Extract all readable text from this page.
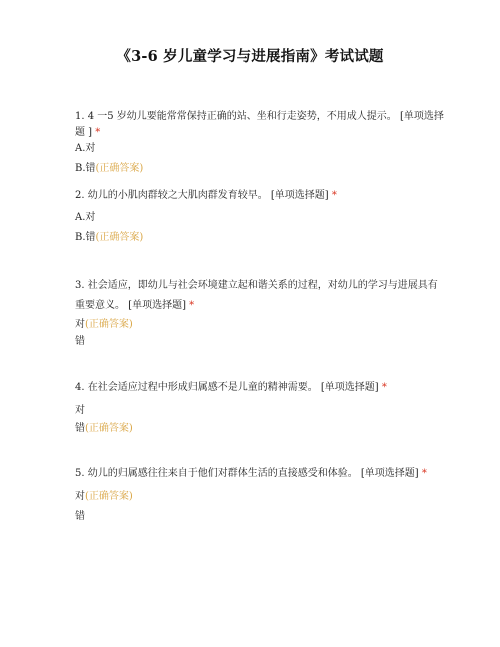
《3-6 岁儿童学习与进展指南》考试试题
1. 4 一5 岁幼儿要能常常保持正确的站、坐和行走姿势，不用成人提示。 [单项选择题 ] *
A.对
B.错(正确答案)
2. 幼儿的小肌肉群较之大肌肉群发育较早。 [单项选择题] *
A.对
B.错(正确答案)
3. 社会适应，即幼儿与社会环境建立起和谐关系的过程，对幼儿的学习与进展具有重要意义。 [单项选择题] *
对(正确答案)
错
4. 在社会适应过程中形成归属感不是儿童的精神需要。 [单项选择题] *
对
错(正确答案)
5. 幼儿的归属感往往来自于他们对群体生活的直接感受和体验。 [单项选择题] *
对(正确答案)
错
